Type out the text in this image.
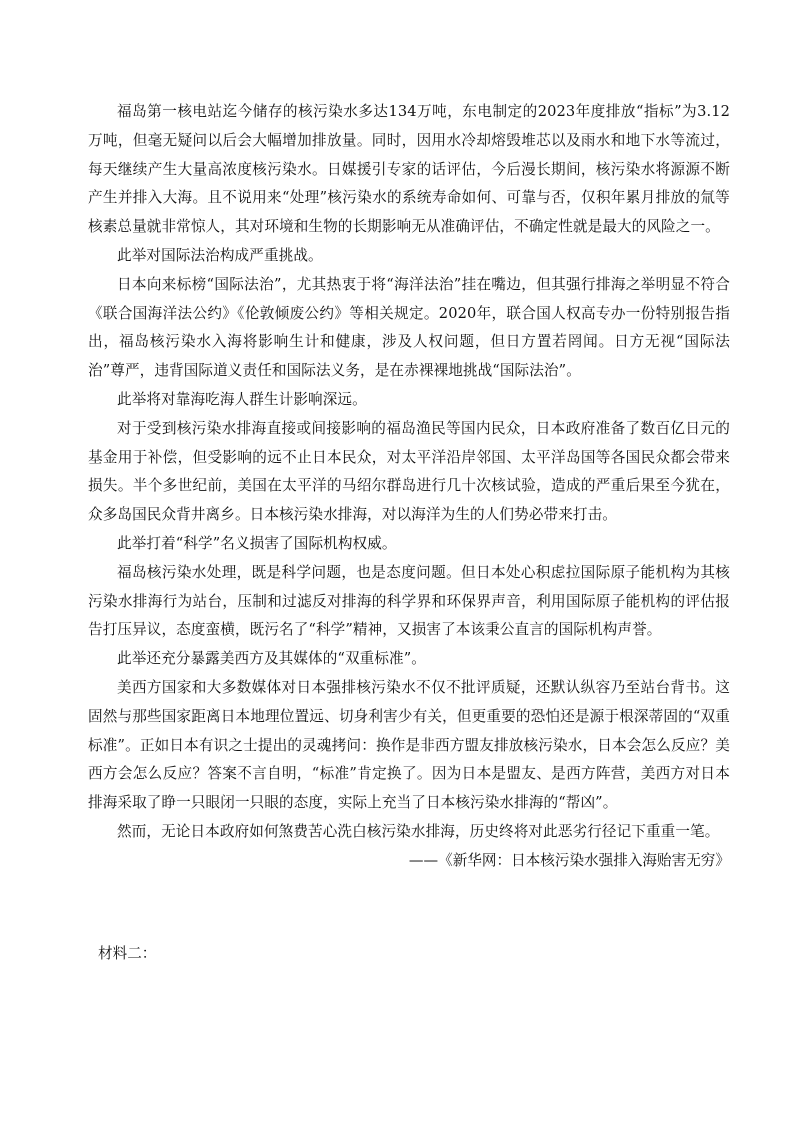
福岛第一核电站迄今储存的核污染水多达134万吨，东电制定的2023年度排放“指标”为3.12万吨，但毫无疑问以后会大幅增加排放量。同时，因用水冷却熔毁堆芯以及雨水和地下水等流过，每天继续产生大量高浓度核污染水。日媒援引专家的话评估，今后漫长期间，核污染水将源源不断产生并排入大海。且不说用来“处理”核污染水的系统寿命如何、可靠与否，仅积年累月排放的氚等核素总量就非常惊人，其对环境和生物的长期影响无从准确评估，不确定性就是最大的风险之一。

此举对国际法治构成严重挑战。

日本向来标榜“国际法治”，尤其热衷于将“海洋法治”挂在嘴边，但其强行排海之举明显不符合《联合国海洋法公约》《伦敦倾废公约》等相关规定。2020年，联合国人权高专办一份特别报告指出，福岛核污染水入海将影响生计和健康，涉及人权问题，但日方置若罔闻。日方无视“国际法治”尊严，违背国际道义责任和国际法义务，是在赤裸裸地挑战“国际法治”。

此举将对靠海吃海人群生计影响深远。

对于受到核污染水排海直接或间接影响的福岛渔民等国内民众，日本政府准备了数百亿日元的基金用于补偿，但受影响的远不止日本民众，对太平洋沿岸邻国、太平洋岛国等各国民众都会带来损失。半个多世纪前，美国在太平洋的马绍尔群岛进行几十次核试验，造成的严重后果至今犹在，众多岛国民众背井离乡。日本核污染水排海，对以海洋为生的人们势必带来打击。

此举打着“科学”名义损害了国际机构权威。

福岛核污染水处理，既是科学问题，也是态度问题。但日本处心积虑拉国际原子能机构为其核污染水排海行为站台，压制和过滤反对排海的科学界和环保界声音，利用国际原子能机构的评估报告打压异议，态度蛮横，既污名了“科学”精神，又损害了本该秉公直言的国际机构声誉。

此举还充分暴露美西方及其媒体的“双重标准”。

美西方国家和大多数媒体对日本强排核污染水不仅不批评质疑，还默认纵容乃至站台背书。这固然与那些国家距离日本地理位置远、切身利害少有关，但更重要的恐怕还是源于根深蒂固的“双重标准”。正如日本有识之士提出的灵魂拷问：换作是非西方盟友排放核污染水，日本会怎么反应？美西方会怎么反应？答案不言自明，“标准”肯定换了。因为日本是盟友、是西方阵营，美西方对日本排海采取了睁一只眼闭一只眼的态度，实际上充当了日本核污染水排海的“帮凶”。

然而，无论日本政府如何煞费苦心洗白核污染水排海，历史终将对此恶劣行径记下重重一笔。

——《新华网：日本核污染水强排入海贻害无穷》

材料二：
